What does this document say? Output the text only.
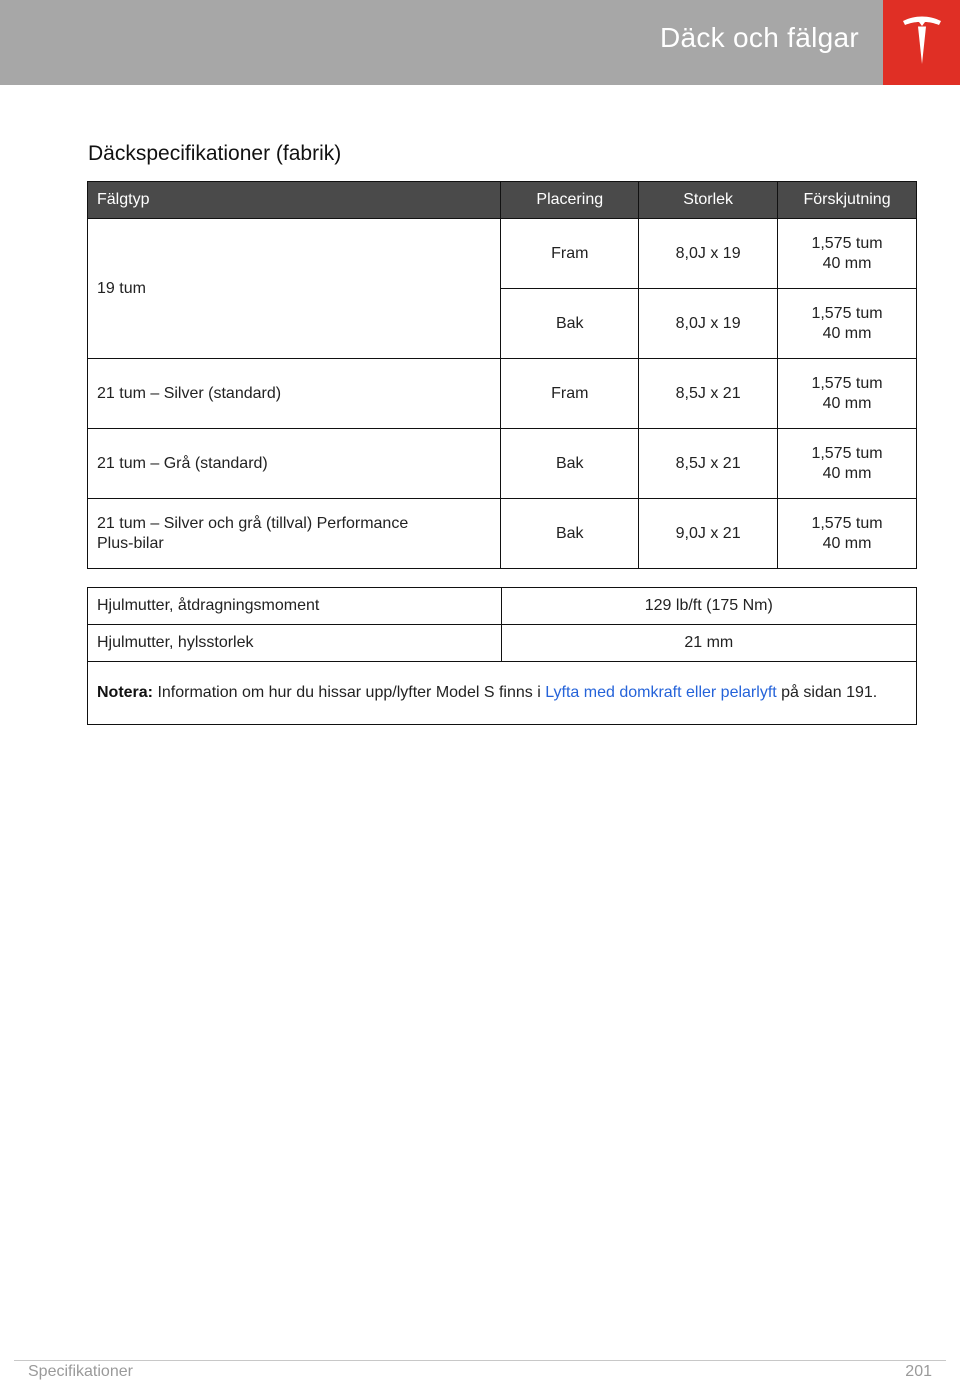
Däck och fälgar
Däckspecifikationer (fabrik)
Fälgtyp	Placering	Storlek	Förskjutning
19 tum	Fram	8,0J x 19	1,575 tum
40 mm
	Bak	8,0J x 19	1,575 tum
40 mm
21 tum – Silver (standard)	Fram	8,5J x 21	1,575 tum
40 mm
21 tum – Grå (standard)	Bak	8,5J x 21	1,575 tum
40 mm
21 tum – Silver och grå (tillval) Performance
Plus-bilar	Bak	9,0J x 21	1,575 tum
40 mm
Hjulmutter, åtdragningsmoment	129 lb/ft (175 Nm)
Hjulmutter, hylsstorlek	21 mm
Notera: Information om hur du hissar upp/lyfter Model S finns i Lyfta med domkraft eller pelarlyft på sidan 191.	
Specifikationer	201
